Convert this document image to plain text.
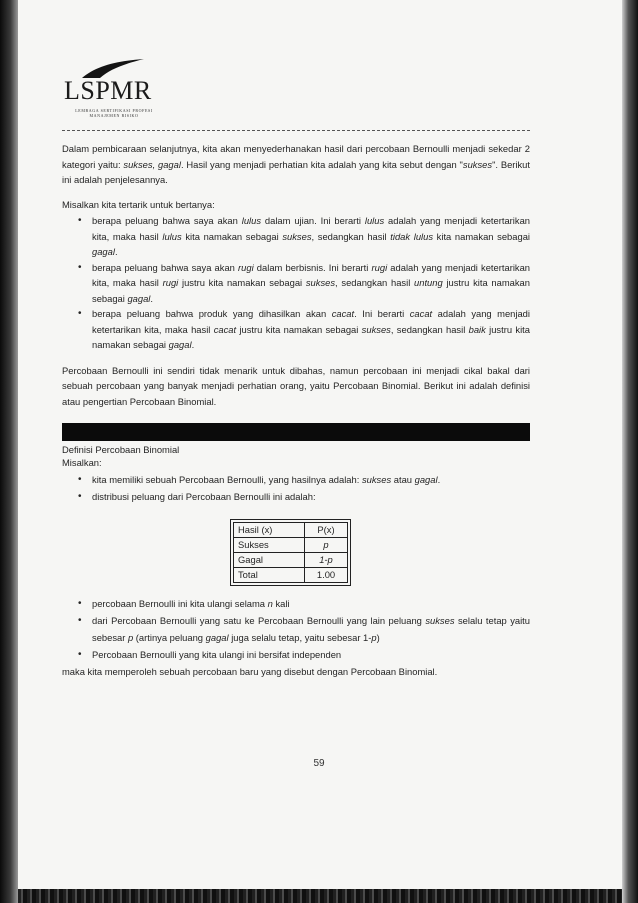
LSPMR
LEMBAGA SERTIFIKASI PROFESI
MANAJEMEN RISIKO

Dalam pembicaraan selanjutnya, kita akan menyederhanakan hasil dari percobaan Bernoulli menjadi sekedar 2 kategori yaitu: sukses, gagal. Hasil yang menjadi perhatian kita adalah yang kita sebut dengan "sukses". Berikut ini adalah penjelesannya.

Misalkan kita tertarik untuk bertanya:

• berapa peluang bahwa saya akan lulus dalam ujian. Ini berarti lulus adalah yang menjadi ketertarikan kita, maka hasil lulus kita namakan sebagai sukses, sedangkan hasil tidak lulus kita namakan sebagai gagal.
• berapa peluang bahwa saya akan rugi dalam berbisnis. Ini berarti rugi adalah yang menjadi ketertarikan kita, maka hasil rugi justru kita namakan sebagai sukses, sedangkan hasil untung justru kita namakan sebagai gagal.
• berapa peluang bahwa produk yang dihasilkan akan cacat. Ini berarti cacat adalah yang menjadi ketertarikan kita, maka hasil cacat justru kita namakan sebagai sukses, sedangkan hasil baik justru kita namakan sebagai gagal.

Percobaan Bernoulli ini sendiri tidak menarik untuk dibahas, namun percobaan ini menjadi cikal bakal dari sebuah percobaan yang banyak menjadi perhatian orang, yaitu Percobaan Binomial. Berikut ini adalah definisi atau pengertian Percobaan Binomial.

Definisi Percobaan Binomial
Misalkan:
• kita memiliki sebuah Percobaan Bernoulli, yang hasilnya adalah: sukses atau gagal.
• distribusi peluang dari Percobaan Bernoulli ini adalah:
Hasil (x)	P(x)
Sukses	p
Gagal	1-p
Total	1.00
• percobaan Bernoulli ini kita ulangi selama n kali
• dari Percobaan Bernoulli yang satu ke Percobaan Bernoulli yang lain peluang sukses selalu tetap yaitu sebesar p (artinya peluang gagal juga selalu tetap, yaitu sebesar 1-p)
• Percobaan Bernoulli yang kita ulangi ini bersifat independen

maka kita memperoleh sebuah percobaan baru yang disebut dengan Percobaan Binomial.

59
